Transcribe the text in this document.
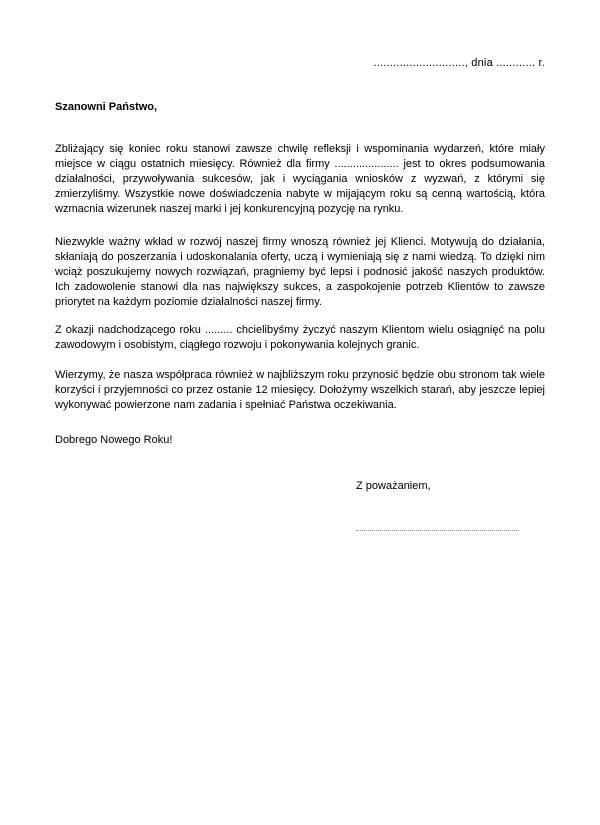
............................, dnia ............ r.
Szanowni Państwo,

Zbliżający się koniec roku stanowi zawsze chwilę refleksji i wspominania wydarzeń, które miały miejsce w ciągu ostatnich miesięcy. Również dla firmy ..................... jest to okres podsumowania działalności, przywoływania sukcesów, jak i wyciągania wniosków z wyzwań, z którymi się zmierzyliśmy. Wszystkie nowe doświadczenia nabyte w mijającym roku są cenną wartością, która wzmacnia wizerunek naszej marki i jej konkurencyjną pozycję na rynku.

Niezwykle ważny wkład w rozwój naszej firmy wnoszą również jej Klienci. Motywują do działania, skłaniają do poszerzania i udoskonalania oferty, uczą i wymieniają się z nami wiedzą. To dzięki nim wciąż poszukujemy nowych rozwiązań, pragniemy być lepsi i podnosić jakość naszych produktów. Ich zadowolenie stanowi dla nas największy sukces, a zaspokojenie potrzeb Klientów to zawsze priorytet na każdym poziomie działalności naszej firmy.

Z okazji nadchodzącego roku ......... chcielibyśmy życzyć naszym Klientom wielu osiągnięć na polu zawodowym i osobistym, ciągłego rozwoju i pokonywania kolejnych granic.

Wierzymy, że nasza współpraca również w najbliższym roku przynosić będzie obu stronom tak wiele korzyści i przyjemności co przez ostanie 12 miesięcy. Dołożymy wszelkich starań, aby jeszcze lepiej wykonywać powierzone nam zadania i spełniać Państwa oczekiwania.

Dobrego Nowego Roku!
Z poważaniem,
